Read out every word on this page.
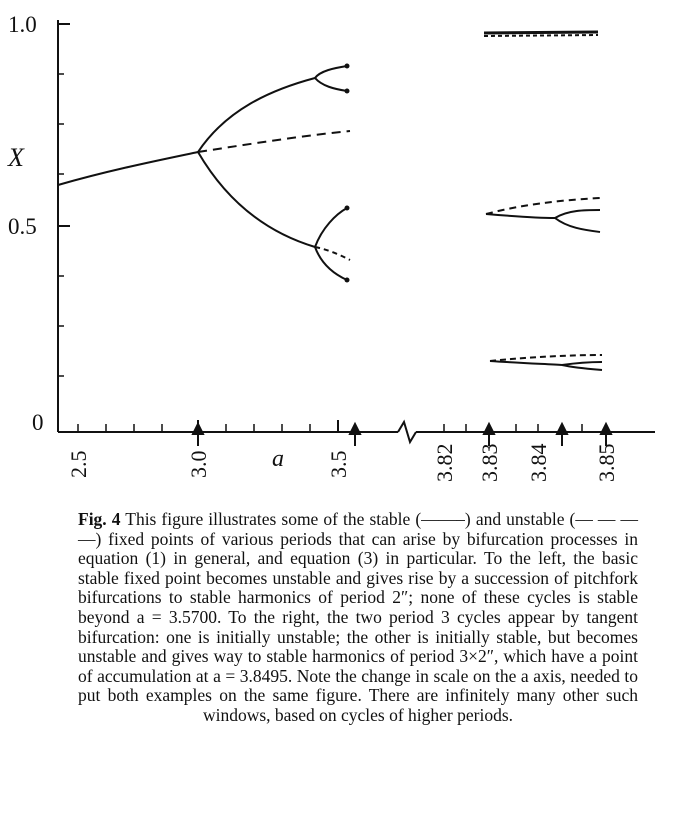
1.0
0.5
0
X
2.5	3.0	3.5
a	3.82 3.83 3.84 3.85
Fig. 4 This figure illustrates some of the stable (——–) and unstable (— — — —) fixed points of various periods that can arise by bifurcation processes in equation (1) in general, and equation (3) in particular. To the left, the basic stable fixed point becomes unstable and gives rise by a succession of pitchfork bifurcations to stable harmonics of period 2″; none of these cycles is stable beyond a = 3.5700. To the right, the two period 3 cycles appear by tangent bifurcation: one is initially unstable; the other is initially stable, but becomes unstable and gives way to stable harmonics of period 3×2″, which have a point of accumulation at a = 3.8495. Note the change in scale on the a axis, needed to put both examples on the same figure. There are infinitely many other such windows, based on cycles of higher periods.
